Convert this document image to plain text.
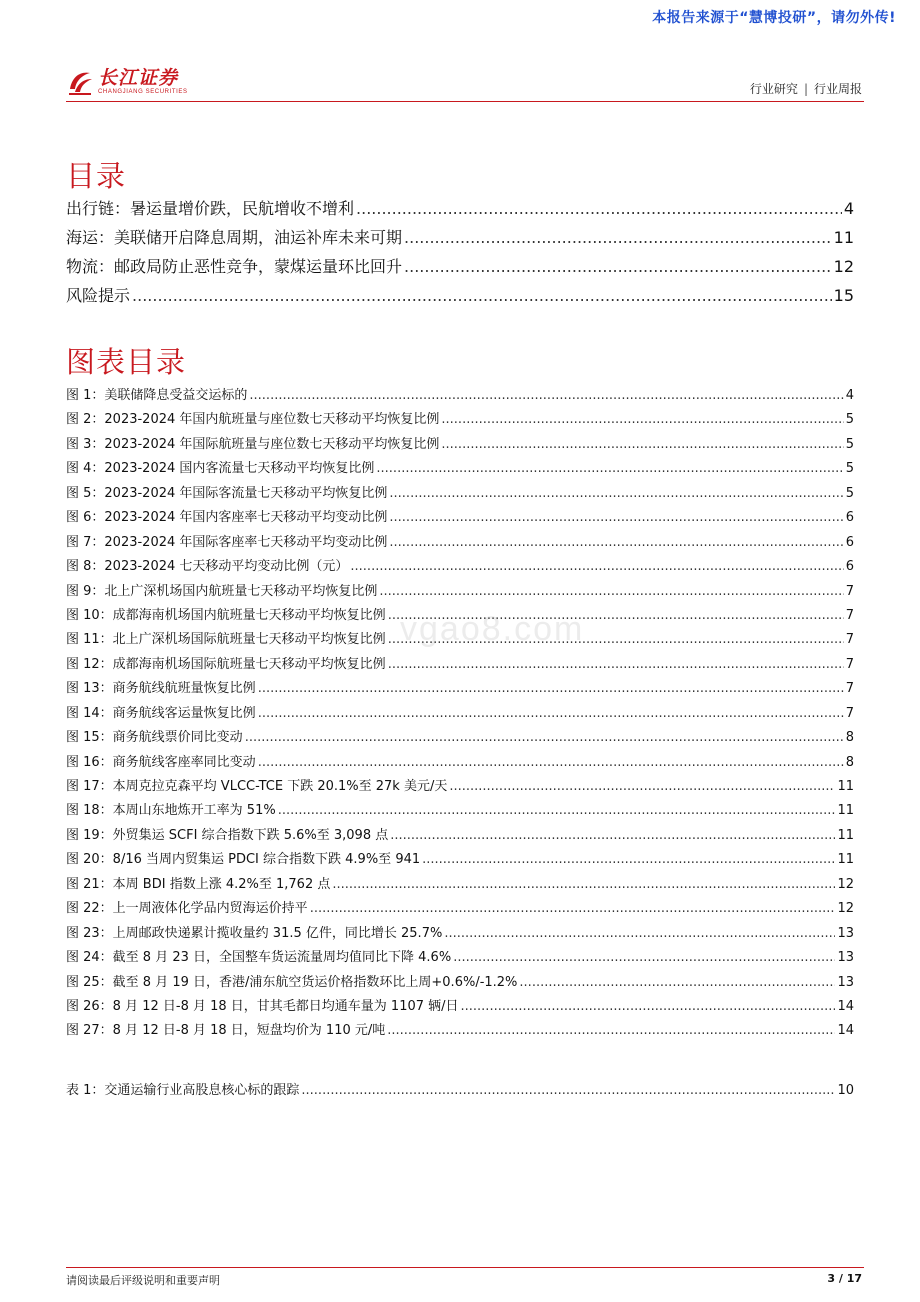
本报告来源于“慧博投研”，请勿外传!
长江证券
CHANGJIANG SECURITIES	行业研究 | 行业周报
目录
出行链：暑运量增价跌，民航增收不增利 .....	4
海运：美联储开启降息周期，油运补库未来可期 .....	11
物流：邮政局防止恶性竞争，蒙煤运量环比回升 .....	12
风险提示 .....	15
图表目录
图 1：美联储降息受益交运标的 .....	4
图 2：2023-2024 年国内航班量与座位数七天移动平均恢复比例 .....	5
图 3：2023-2024 年国际航班量与座位数七天移动平均恢复比例 .....	5
图 4：2023-2024 国内客流量七天移动平均恢复比例 .....	5
图 5：2023-2024 年国际客流量七天移动平均恢复比例 .....	5
图 6：2023-2024 年国内客座率七天移动平均变动比例 .....	6
图 7：2023-2024 年国际客座率七天移动平均变动比例 .....	6
图 8：2023-2024 七天移动平均变动比例（元） .....	6
图 9：北上广深机场国内航班量七天移动平均恢复比例 .....	7
图 10：成都海南机场国内航班量七天移动平均恢复比例 .....	7
图 11：北上广深机场国际航班量七天移动平均恢复比例 .....	7
图 12：成都海南机场国际航班量七天移动平均恢复比例 .....	7
图 13：商务航线航班量恢复比例 .....	7
图 14：商务航线客运量恢复比例 .....	7
图 15：商务航线票价同比变动 .....	8
图 16：商务航线客座率同比变动 .....	8
图 17：本周克拉克森平均 VLCC-TCE 下跌 20.1%至 27k 美元/天 .....	11
图 18：本周山东地炼开工率为 51% .....	11
图 19：外贸集运 SCFI 综合指数下跌 5.6%至 3,098 点 .....	11
图 20：8/16 当周内贸集运 PDCI 综合指数下跌 4.9%至 941 .....	11
图 21：本周 BDI 指数上涨 4.2%至 1,762 点 .....	12
图 22：上一周液体化学品内贸海运价持平 .....	12
图 23：上周邮政快递累计揽收量约 31.5 亿件，同比增长 25.7% .....	13
图 24：截至 8 月 23 日，全国整车货运流量周均值同比下降 4.6% .....	13
图 25：截至 8 月 19 日，香港/浦东航空货运价格指数环比上周+0.6%/-1.2% .....	13
图 26：8 月 12 日-8 月 18 日，甘其毛都日均通车量为 1107 辆/日 .....	14
图 27：8 月 12 日-8 月 18 日，短盘均价为 110 元/吨 .....	14
表 1：交通运输行业高股息核心标的跟踪 .....	10
vgao8.com
请阅读最后评级说明和重要声明	3 / 17
